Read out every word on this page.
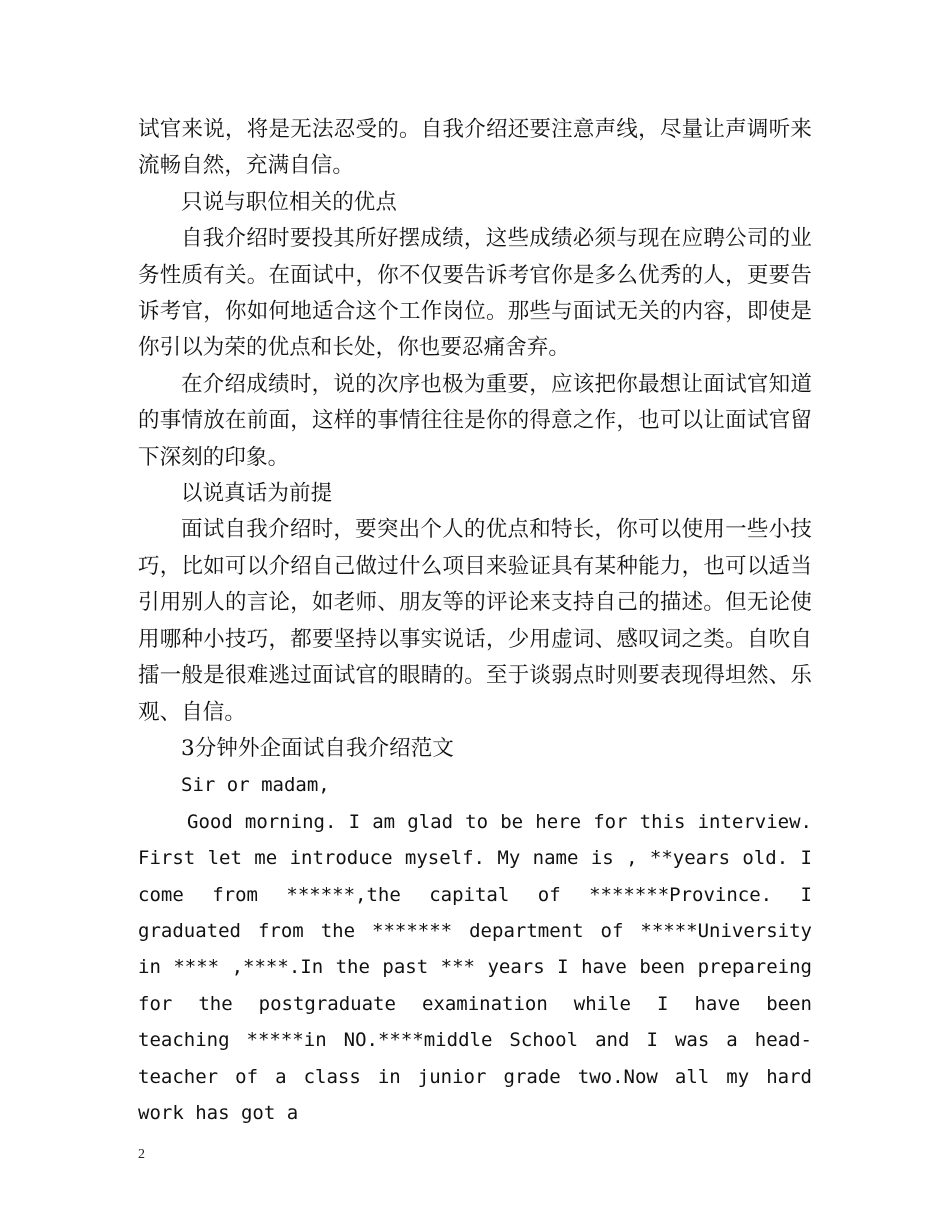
试官来说，将是无法忍受的。自我介绍还要注意声线，尽量让声调听来流畅自然，充满自信。

只说与职位相关的优点

自我介绍时要投其所好摆成绩，这些成绩必须与现在应聘公司的业务性质有关。在面试中，你不仅要告诉考官你是多么优秀的人，更要告诉考官，你如何地适合这个工作岗位。那些与面试无关的内容，即使是你引以为荣的优点和长处，你也要忍痛舍弃。

在介绍成绩时，说的次序也极为重要，应该把你最想让面试官知道的事情放在前面，这样的事情往往是你的得意之作，也可以让面试官留下深刻的印象。

以说真话为前提

面试自我介绍时，要突出个人的优点和特长，你可以使用一些小技巧，比如可以介绍自己做过什么项目来验证具有某种能力，也可以适当引用别人的言论，如老师、朋友等的评论来支持自己的描述。但无论使用哪种小技巧，都要坚持以事实说话，少用虚词、感叹词之类。自吹自擂一般是很难逃过面试官的眼睛的。至于谈弱点时则要表现得坦然、乐观、自信。

3分钟外企面试自我介绍范文

Sir or madam,

Good morning. I am glad to be here for this interview. First let me introduce myself. My name is , **years old. I come from ******,the capital of *******Province. I graduated from the ******* department of *****University in **** ,****.In the past *** years I have been prepareing for the postgraduate examination while I have been teaching *****in NO.****middle School and I was a head-teacher of a class in junior grade two.Now all my hard work has got a

2
